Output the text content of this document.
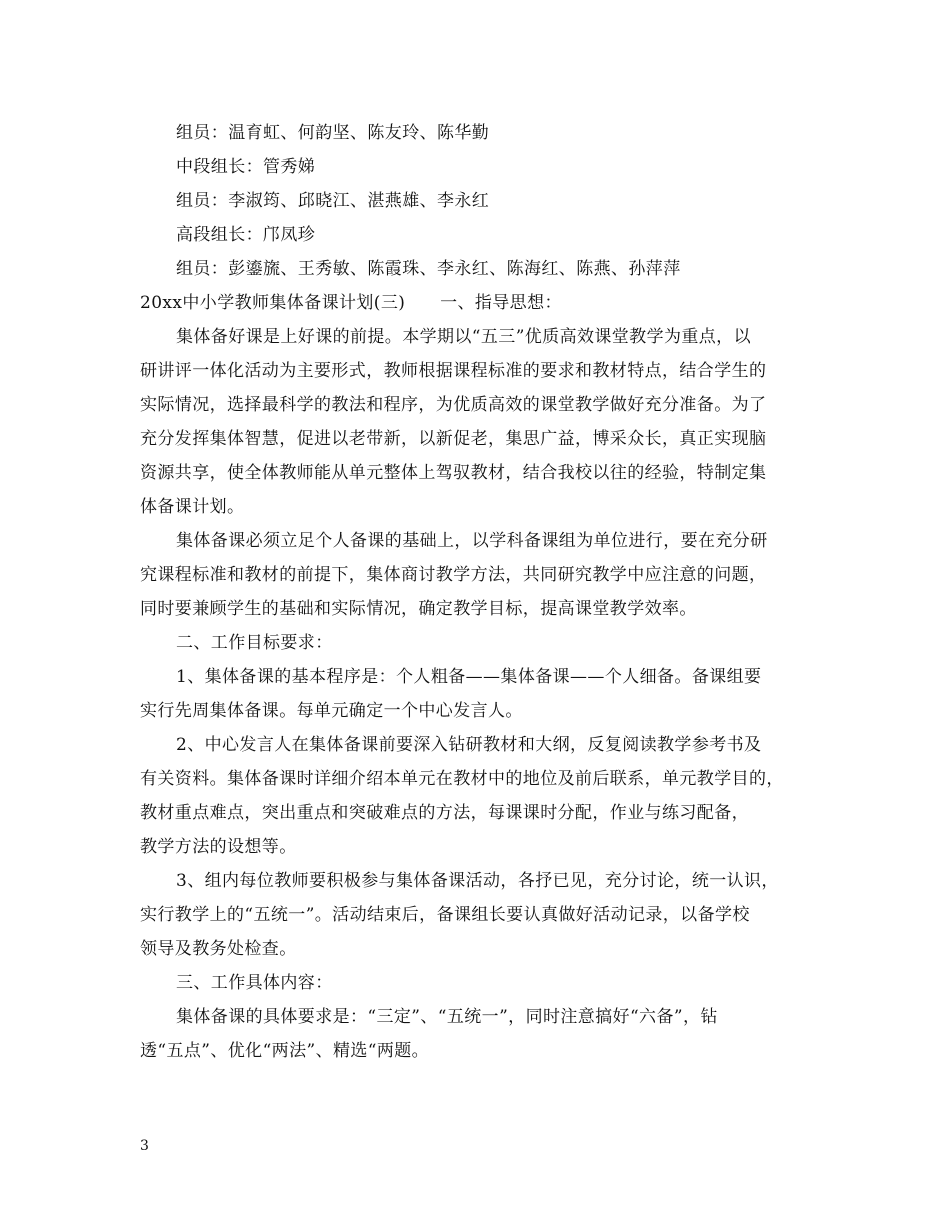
组员：温育虹、何韵坚、陈友玲、陈华勤
中段组长：管秀娣
组员：李淑筠、邱晓江、湛燕雄、李永红
高段组长：邝凤珍
组员：彭鎏旒、王秀敏、陈霞珠、李永红、陈海红、陈燕、孙萍萍
20xx中小学教师集体备课计划(三)　　一、指导思想：
集体备好课是上好课的前提。本学期以“五三”优质高效课堂教学为重点，以
研讲评一体化活动为主要形式，教师根据课程标准的要求和教材特点，结合学生的
实际情况，选择最科学的教法和程序，为优质高效的课堂教学做好充分准备。为了
充分发挥集体智慧，促进以老带新，以新促老，集思广益，博采众长，真正实现脑
资源共享，使全体教师能从单元整体上驾驭教材，结合我校以往的经验，特制定集
体备课计划。
集体备课必须立足个人备课的基础上，以学科备课组为单位进行，要在充分研
究课程标准和教材的前提下，集体商讨教学方法，共同研究教学中应注意的问题，
同时要兼顾学生的基础和实际情况，确定教学目标，提高课堂教学效率。
二、工作目标要求：
1、集体备课的基本程序是：个人粗备——集体备课——个人细备。备课组要
实行先周集体备课。每单元确定一个中心发言人。
2、中心发言人在集体备课前要深入钻研教材和大纲，反复阅读教学参考书及
有关资料。集体备课时详细介绍本单元在教材中的地位及前后联系，单元教学目的，
教材重点难点，突出重点和突破难点的方法，每课课时分配，作业与练习配备，
教学方法的设想等。
3、组内每位教师要积极参与集体备课活动，各抒已见，充分讨论，统一认识，
实行教学上的“五统一”。活动结束后，备课组长要认真做好活动记录，以备学校
领导及教务处检查。
三、工作具体内容：
集体备课的具体要求是：“三定”、“五统一”，同时注意搞好“六备”，钻
透“五点”、优化“两法”、精选“两题。
3
